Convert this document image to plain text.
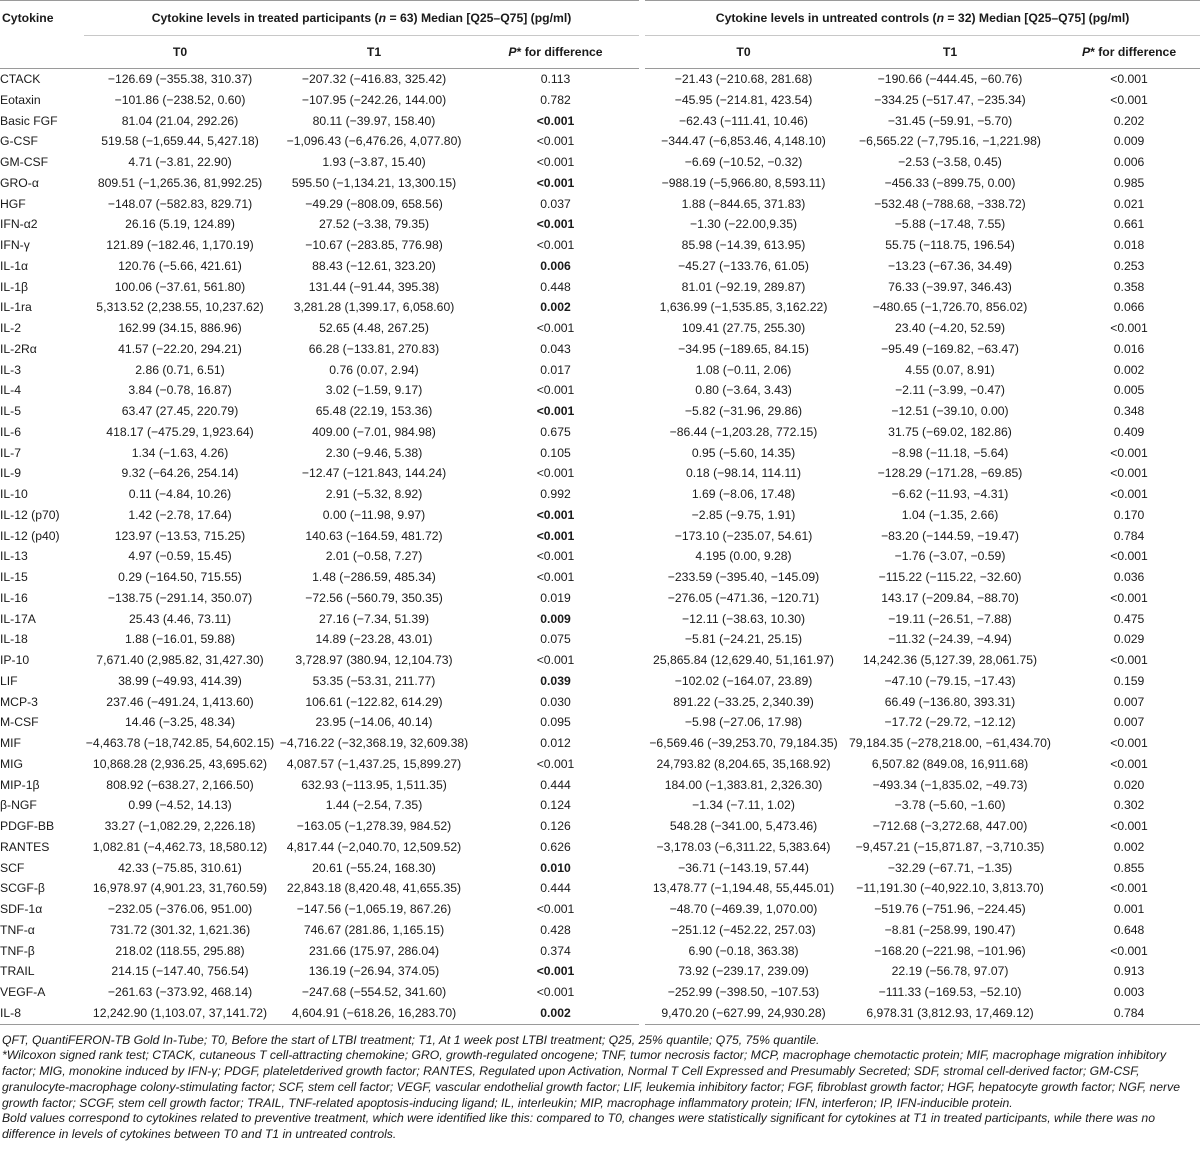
Cytokine	Cytokine levels in treated participants (n = 63) Median [Q25–Q75] (pg/ml)			Cytokine levels in untreated controls (n = 32) Median [Q25–Q75] (pg/ml)		
	T0	T1	P* for difference	T0	T1	P* for difference
CTACK	−126.69 (−355.38, 310.37)	−207.32 (−416.83, 325.42)	0.113	−21.43 (−210.68, 281.68)	−190.66 (−444.45, −60.76)	<0.001
Eotaxin	−101.86 (−238.52, 0.60)	−107.95 (−242.26, 144.00)	0.782	−45.95 (−214.81, 423.54)	−334.25 (−517.47, −235.34)	<0.001
Basic FGF	81.04 (21.04, 292.26)	80.11 (−39.97, 158.40)	<0.001	−62.43 (−111.41, 10.46)	−31.45 (−59.91, −5.70)	0.202
G-CSF	519.58 (−1,659.44, 5,427.18)	−1,096.43 (−6,476.26, 4,077.80)	<0.001	−344.47 (−6,853.46, 4,148.10)	−6,565.22 (−7,795.16, −1,221.98)	0.009
GM-CSF	4.71 (−3.81, 22.90)	1.93 (−3.87, 15.40)	<0.001	−6.69 (−10.52, −0.32)	−2.53 (−3.58, 0.45)	0.006
GRO-α	809.51 (−1,265.36, 81,992.25)	595.50 (−1,134.21, 13,300.15)	<0.001	−988.19 (−5,966.80, 8,593.11)	−456.33 (−899.75, 0.00)	0.985
HGF	−148.07 (−582.83, 829.71)	−49.29 (−808.09, 658.56)	0.037	1.88 (−844.65, 371.83)	−532.48 (−788.68, −338.72)	0.021
IFN-α2	26.16 (5.19, 124.89)	27.52 (−3.38, 79.35)	<0.001	−1.30 (−22.00,9.35)	−5.88 (−17.48, 7.55)	0.661
IFN-γ	121.89 (−182.46, 1,170.19)	−10.67 (−283.85, 776.98)	<0.001	85.98 (−14.39, 613.95)	55.75 (−118.75, 196.54)	0.018
IL-1α	120.76 (−5.66, 421.61)	88.43 (−12.61, 323.20)	0.006	−45.27 (−133.76, 61.05)	−13.23 (−67.36, 34.49)	0.253
IL-1β	100.06 (−37.61, 561.80)	131.44 (−91.44, 395.38)	0.448	81.01 (−92.19, 289.87)	76.33 (−39.97, 346.43)	0.358
IL-1ra	5,313.52 (2,238.55, 10,237.62)	3,281.28 (1,399.17, 6,058.60)	0.002	1,636.99 (−1,535.85, 3,162.22)	−480.65 (−1,726.70, 856.02)	0.066
IL-2	162.99 (34.15, 886.96)	52.65 (4.48, 267.25)	<0.001	109.41 (27.75, 255.30)	23.40 (−4.20, 52.59)	<0.001
IL-2Rα	41.57 (−22.20, 294.21)	66.28 (−133.81, 270.83)	0.043	−34.95 (−189.65, 84.15)	−95.49 (−169.82, −63.47)	0.016
IL-3	2.86 (0.71, 6.51)	0.76 (0.07, 2.94)	0.017	1.08 (−0.11, 2.06)	4.55 (0.07, 8.91)	0.002
IL-4	3.84 (−0.78, 16.87)	3.02 (−1.59, 9.17)	<0.001	0.80 (−3.64, 3.43)	−2.11 (−3.99, −0.47)	0.005
IL-5	63.47 (27.45, 220.79)	65.48 (22.19, 153.36)	<0.001	−5.82 (−31.96, 29.86)	−12.51 (−39.10, 0.00)	0.348
IL-6	418.17 (−475.29, 1,923.64)	409.00 (−7.01, 984.98)	0.675	−86.44 (−1,203.28, 772.15)	31.75 (−69.02, 182.86)	0.409
IL-7	1.34 (−1.63, 4.26)	2.30 (−9.46, 5.38)	0.105	0.95 (−5.60, 14.35)	−8.98 (−11.18, −5.64)	<0.001
IL-9	9.32 (−64.26, 254.14)	−12.47 (−121.843, 144.24)	<0.001	0.18 (−98.14, 114.11)	−128.29 (−171.28, −69.85)	<0.001
IL-10	0.11 (−4.84, 10.26)	2.91 (−5.32, 8.92)	0.992	1.69 (−8.06, 17.48)	−6.62 (−11.93, −4.31)	<0.001
IL-12 (p70)	1.42 (−2.78, 17.64)	0.00 (−11.98, 9.97)	<0.001	−2.85 (−9.75, 1.91)	1.04 (−1.35, 2.66)	0.170
IL-12 (p40)	123.97 (−13.53, 715.25)	140.63 (−164.59, 481.72)	<0.001	−173.10 (−235.07, 54.61)	−83.20 (−144.59, −19.47)	0.784
IL-13	4.97 (−0.59, 15.45)	2.01 (−0.58, 7.27)	<0.001	4.195 (0.00, 9.28)	−1.76 (−3.07, −0.59)	<0.001
IL-15	0.29 (−164.50, 715.55)	1.48 (−286.59, 485.34)	<0.001	−233.59 (−395.40, −145.09)	−115.22 (−115.22, −32.60)	0.036
IL-16	−138.75 (−291.14, 350.07)	−72.56 (−560.79, 350.35)	0.019	−276.05 (−471.36, −120.71)	143.17 (−209.84, −88.70)	<0.001
IL-17A	25.43 (4.46, 73.11)	27.16 (−7.34, 51.39)	0.009	−12.11 (−38.63, 10.30)	−19.11 (−26.51, −7.88)	0.475
IL-18	1.88 (−16.01, 59.88)	14.89 (−23.28, 43.01)	0.075	−5.81 (−24.21, 25.15)	−11.32 (−24.39, −4.94)	0.029
IP-10	7,671.40 (2,985.82, 31,427.30)	3,728.97 (380.94, 12,104.73)	<0.001	25,865.84 (12,629.40, 51,161.97)	14,242.36 (5,127.39, 28,061.75)	<0.001
LIF	38.99 (−49.93, 414.39)	53.35 (−53.31, 211.77)	0.039	−102.02 (−164.07, 23.89)	−47.10 (−79.15, −17.43)	0.159
MCP-3	237.46 (−491.24, 1,413.60)	106.61 (−122.82, 614.29)	0.030	891.22 (−33.25, 2,340.39)	66.49 (−136.80, 393.31)	0.007
M-CSF	14.46 (−3.25, 48.34)	23.95 (−14.06, 40.14)	0.095	−5.98 (−27.06, 17.98)	−17.72 (−29.72, −12.12)	0.007
MIF	−4,463.78 (−18,742.85, 54,602.15)	−4,716.22 (−32,368.19, 32,609.38)	0.012	−6,569.46 (−39,253.70, 79,184.35)	79,184.35 (−278,218.00, −61,434.70)	<0.001
MIG	10,868.28 (2,936.25, 43,695.62)	4,087.57 (−1,437.25, 15,899.27)	<0.001	24,793.82 (8,204.65, 35,168.92)	6,507.82 (849.08, 16,911.68)	<0.001
MIP-1β	808.92 (−638.27, 2,166.50)	632.93 (−113.95, 1,511.35)	0.444	184.00 (−1,383.81, 2,326.30)	−493.34 (−1,835.02, −49.73)	0.020
β-NGF	0.99 (−4.52, 14.13)	1.44 (−2.54, 7.35)	0.124	−1.34 (−7.11, 1.02)	−3.78 (−5.60, −1.60)	0.302
PDGF-BB	33.27 (−1,082.29, 2,226.18)	−163.05 (−1,278.39, 984.52)	0.126	548.28 (−341.00, 5,473.46)	−712.68 (−3,272.68, 447.00)	<0.001
RANTES	1,082.81 (−4,462.73, 18,580.12)	4,817.44 (−2,040.70, 12,509.52)	0.626	−3,178.03 (−6,311.22, 5,383.64)	−9,457.21 (−15,871.87, −3,710.35)	0.002
SCF	42.33 (−75.85, 310.61)	20.61 (−55.24, 168.30)	0.010	−36.71 (−143.19, 57.44)	−32.29 (−67.71, −1.35)	0.855
SCGF-β	16,978.97 (4,901.23, 31,760.59)	22,843.18 (8,420.48, 41,655.35)	0.444	13,478.77 (−1,194.48, 55,445.01)	−11,191.30 (−40,922.10, 3,813.70)	<0.001
SDF-1α	−232.05 (−376.06, 951.00)	−147.56 (−1,065.19, 867.26)	<0.001	−48.70 (−469.39, 1,070.00)	−519.76 (−751.96, −224.45)	0.001
TNF-α	731.72 (301.32, 1,621.36)	746.67 (281.86, 1,165.15)	0.428	−251.12 (−452.22, 257.03)	−8.81 (−258.99, 190.47)	0.648
TNF-β	218.02 (118.55, 295.88)	231.66 (175.97, 286.04)	0.374	6.90 (−0.18, 363.38)	−168.20 (−221.98, −101.96)	<0.001
TRAIL	214.15 (−147.40, 756.54)	136.19 (−26.94, 374.05)	<0.001	73.92 (−239.17, 239.09)	22.19 (−56.78, 97.07)	0.913
VEGF-A	−261.63 (−373.92, 468.14)	−247.68 (−554.52, 341.60)	<0.001	−252.99 (−398.50, −107.53)	−111.33 (−169.53, −52.10)	0.003
IL-8	12,242.90 (1,103.07, 37,141.72)	4,604.91 (−618.26, 16,283.70)	0.002	9,470.20 (−627.99, 24,930.28)	6,978.31 (3,812.93, 17,469.12)	0.784

QFT, QuantiFERON-TB Gold In-Tube; T0, Before the start of LTBI treatment; T1, At 1 week post LTBI treatment; Q25, 25% quantile; Q75, 75% quantile.

*Wilcoxon signed rank test; CTACK, cutaneous T cell-attracting chemokine; GRO, growth-regulated oncogene; TNF, tumor necrosis factor; MCP, macrophage chemotactic protein; MIF, macrophage migration inhibitory factor; MIG, monokine induced by IFN-γ; PDGF, plateletderived growth factor; RANTES, Regulated upon Activation, Normal T Cell Expressed and Presumably Secreted; SDF, stromal cell-derived factor; GM-CSF, granulocyte-macrophage colony-stimulating factor; SCF, stem cell factor; VEGF, vascular endothelial growth factor; LIF, leukemia inhibitory factor; FGF, fibroblast growth factor; HGF, hepatocyte growth factor; NGF, nerve growth factor; SCGF, stem cell growth factor; TRAIL, TNF-related apoptosis-inducing ligand; IL, interleukin; MIP, macrophage inflammatory protein; IFN, interferon; IP, IFN-inducible protein.

Bold values correspond to cytokines related to preventive treatment, which were identified like this: compared to T0, changes were statistically significant for cytokines at T1 in treated participants, while there was no difference in levels of cytokines between T0 and T1 in untreated controls.
